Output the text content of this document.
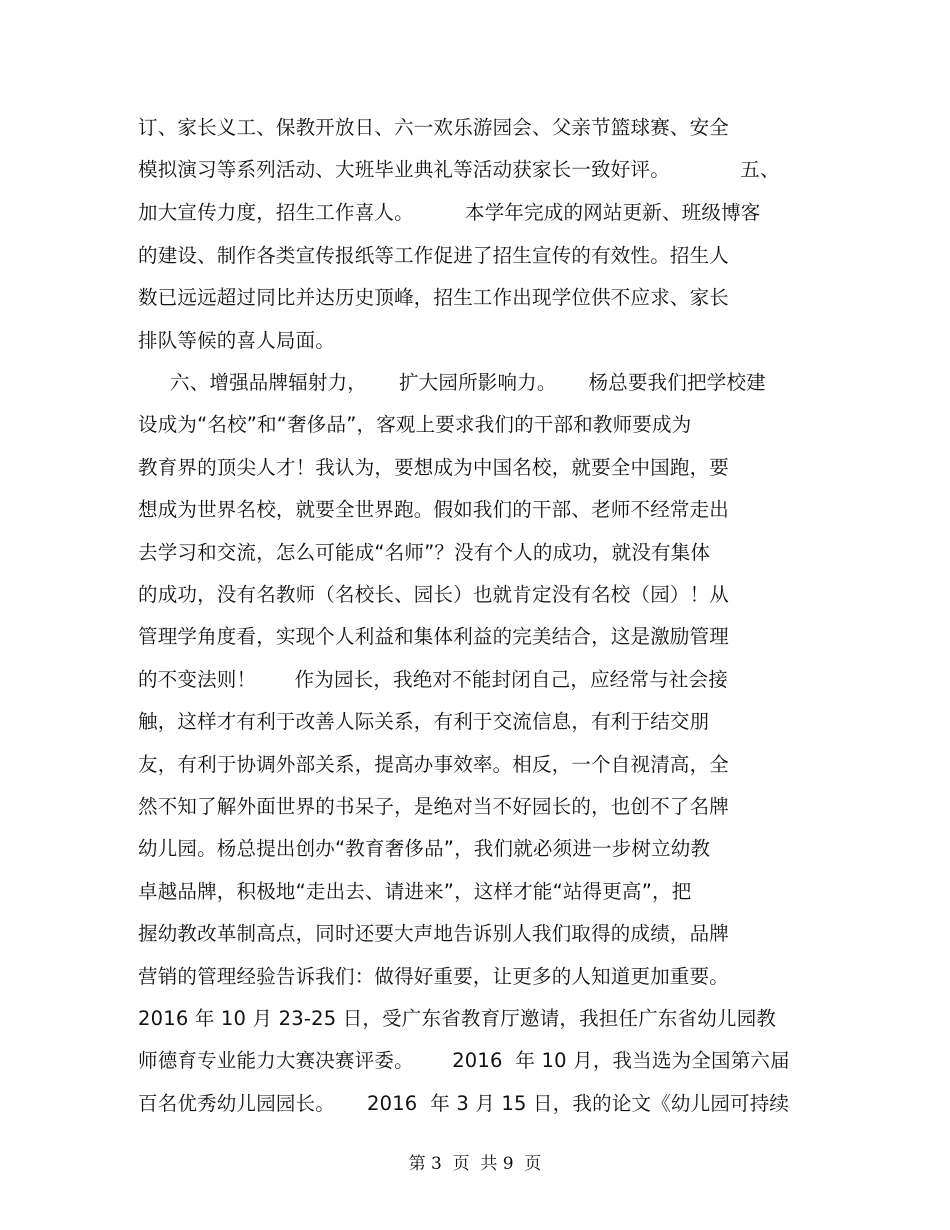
订、家长义工、保教开放日、六一欢乐游园会、父亲节篮球赛、安全
模拟演习等系列活动、大班毕业典礼等活动获家长一致好评。           五、
加大宣传力度，招生工作喜人。        本学年完成的网站更新、班级博客
的建设、制作各类宣传报纸等工作促进了招生宣传的有效性。招生人
数已远远超过同比并达历史顶峰，招生工作出现学位供不应求、家长
排队等候的喜人局面。
六、增强品牌辐射力，     扩大园所影响力。     杨总要我们把学校建
设成为“名校”和“奢侈品”，客观上要求我们的干部和教师要成为
教育界的顶尖人才！我认为，要想成为中国名校，就要全中国跑，要
想成为世界名校，就要全世界跑。假如我们的干部、老师不经常走出
去学习和交流，怎么可能成“名师”？没有个人的成功，就没有集体
的成功，没有名教师（名校长、园长）也就肯定没有名校（园）！从
管理学角度看，实现个人利益和集体利益的完美结合，这是激励管理
的不变法则！      作为园长，我绝对不能封闭自己，应经常与社会接
触，这样才有利于改善人际关系，有利于交流信息，有利于结交朋
友，有利于协调外部关系，提高办事效率。相反，一个自视清高，全
然不知了解外面世界的书呆子，是绝对当不好园长的，也创不了名牌
幼儿园。杨总提出创办“教育奢侈品”，我们就必须进一步树立幼教
卓越品牌，积极地“走出去、请进来”，这样才能“站得更高”，把
握幼教改革制高点，同时还要大声地告诉别人我们取得的成绩，品牌
营销的管理经验告诉我们：做得好重要，让更多的人知道更加重要。
2016 年 10 月 23-25 日，受广东省教育厅邀请，我担任广东省幼儿园教
师德育专业能力大赛决赛评委。      2016  年 10 月，我当选为全国第六届
百名优秀幼儿园园长。     2016  年 3 月 15 日，我的论文《幼儿园可持续
第 3  页  共 9  页
